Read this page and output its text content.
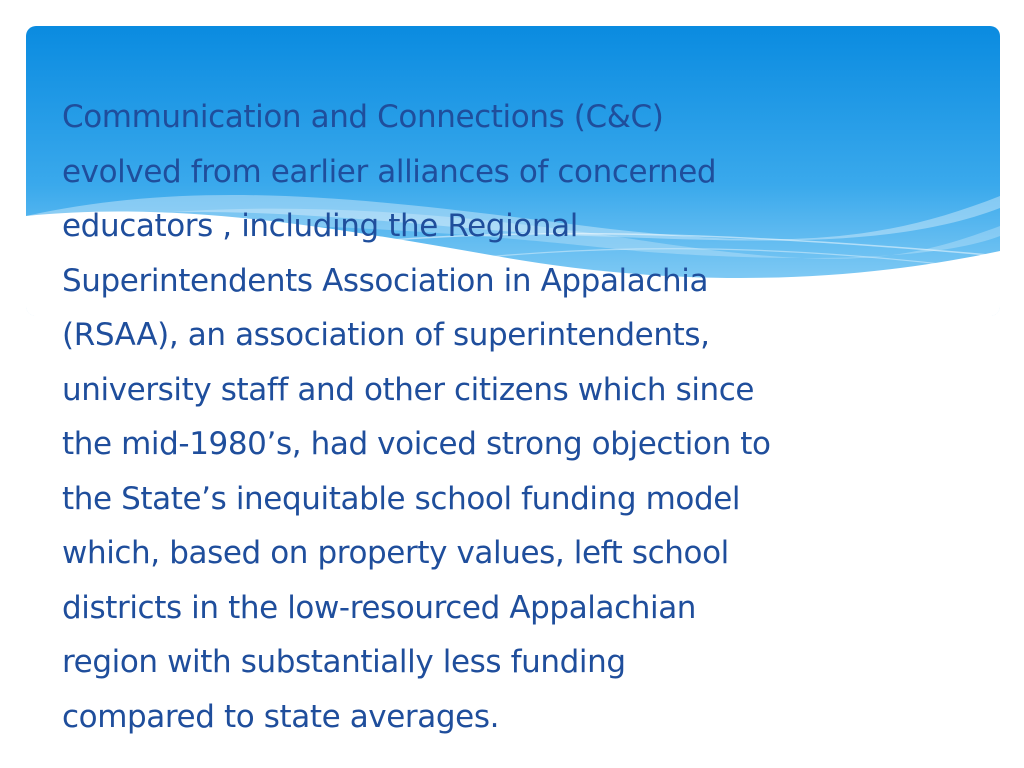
Communication and Connections (C&C)
evolved from earlier alliances of concerned
educators , including the Regional
Superintendents Association in Appalachia
(RSAA), an association of superintendents,
university staff and other citizens which since
the mid-1980’s, had voiced strong objection to
the State’s inequitable school funding model
which, based on property values, left school
districts in the low-resourced Appalachian
region with substantially less funding
compared to state averages.
